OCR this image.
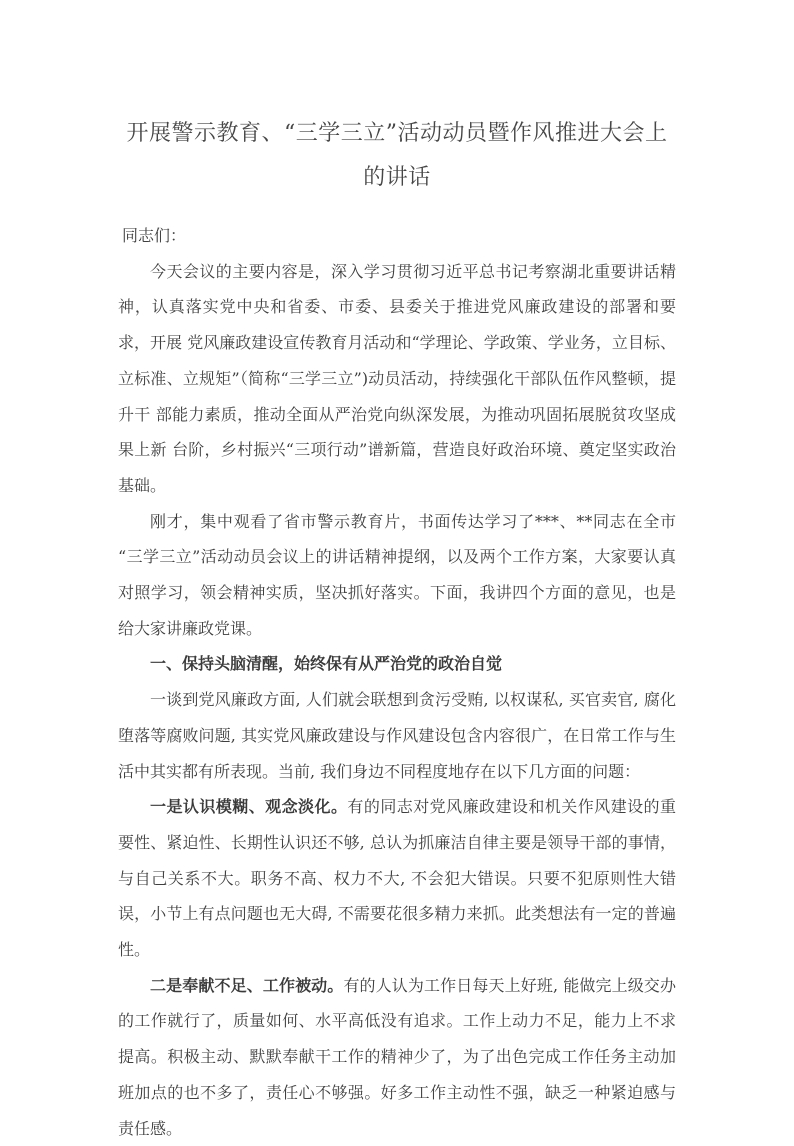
开展警示教育、“三学三立”活动动员暨作风推进大会上的讲话

同志们：

今天会议的主要内容是，深入学习贯彻习近平总书记考察湖北重要讲话精神，认真落实党中央和省委、市委、县委关于推进党风廉政建设的部署和要求，开展 党风廉政建设宣传教育月活动和“学理论、学政策、学业务，立目标、立标准、立规矩”（简称“三学三立”)动员活动，持续强化干部队伍作风整顿，提升干 部能力素质，推动全面从严治党向纵深发展，为推动巩固拓展脱贫攻坚成果上新 台阶，乡村振兴“三项行动”谱新篇，营造良好政治环境、奠定坚实政治基础。

刚才，集中观看了省市警示教育片，书面传达学习了***、**同志在全市“三学三立”活动动员会议上的讲话精神提纲，以及两个工作方案，大家要认真对照学习，领会精神实质，坚决抓好落实。下面，我讲四个方面的意见，也是给大家讲廉政党课。

一、保持头脑清醒，始终保有从严治党的政治自觉

一谈到党风廉政方面, 人们就会联想到贪污受贿, 以权谋私, 买官卖官, 腐化堕落等腐败问题, 其实党风廉政建设与作风建设包含内容很广，在日常工作与生活中其实都有所表现。当前, 我们身边不同程度地存在以下几方面的问题：

一是认识模糊、观念淡化。有的同志对党风廉政建设和机关作风建设的重要性、紧迫性、长期性认识还不够, 总认为抓廉洁自律主要是领导干部的事情，与自己关系不大。职务不高、权力不大, 不会犯大错误。只要不犯原则性大错误，小节上有点问题也无大碍, 不需要花很多精力来抓。此类想法有一定的普遍性。

二是奉献不足、工作被动。有的人认为工作日每天上好班, 能做完上级交办的工作就行了，质量如何、水平高低没有追求。工作上动力不足，能力上不求提高。积极主动、默默奉献干工作的精神少了，为了出色完成工作任务主动加班加点的也不多了，责任心不够强。好多工作主动性不强，缺乏一种紧迫感与责任感。
